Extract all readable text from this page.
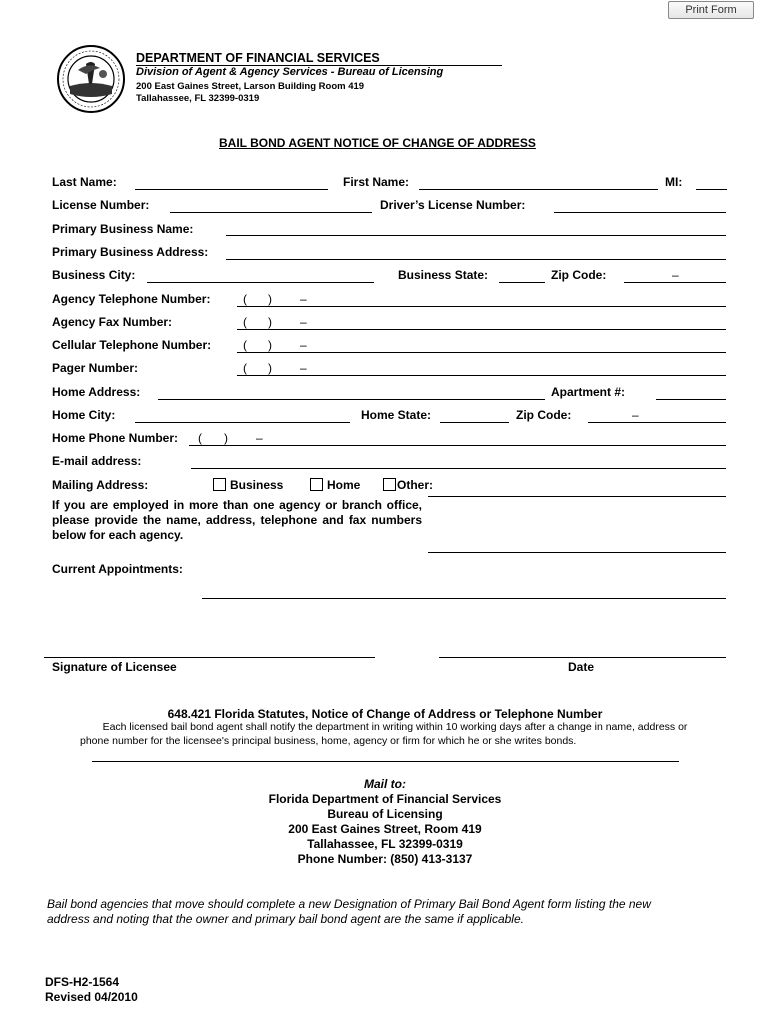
Print Form
DEPARTMENT OF FINANCIAL SERVICES
Division of Agent & Agency Services - Bureau of Licensing
200 East Gaines Street, Larson Building Room 419
Tallahassee, FL 32399-0319
BAIL BOND AGENT NOTICE OF CHANGE OF ADDRESS
Last Name:	First Name:	MI:
License Number:	Driver’s License Number:
Primary Business Name:
Primary Business Address:
Business City:	Business State:	Zip Code:	–
Agency Telephone Number:	( ) –
Agency Fax Number:	( ) –
Cellular Telephone Number:	( ) –
Pager Number:	( ) –
Home Address:	Apartment #:
Home City:	Home State:	Zip Code:	–
Home Phone Number: ( ) –
E-mail address:
Mailing Address:	Business	Home	Other:
If you are employed in more than one agency or branch office, please provide the name, address, telephone and fax numbers below for each agency.
Current Appointments:
Signature of Licensee	Date
648.421 Florida Statutes, Notice of Change of Address or Telephone Number
Each licensed bail bond agent shall notify the department in writing within 10 working days after a change in name, address or
phone number for the licensee's principal business, home, agency or firm for which he or she writes bonds.
Mail to:
Florida Department of Financial Services
Bureau of Licensing
200 East Gaines Street, Room 419
Tallahassee, FL 32399-0319
Phone Number: (850) 413-3137
Bail bond agencies that move should complete a new Designation of Primary Bail Bond Agent form listing the new
address and noting that the owner and primary bail bond agent are the same if applicable.
DFS-H2-1564
Revised 04/2010
